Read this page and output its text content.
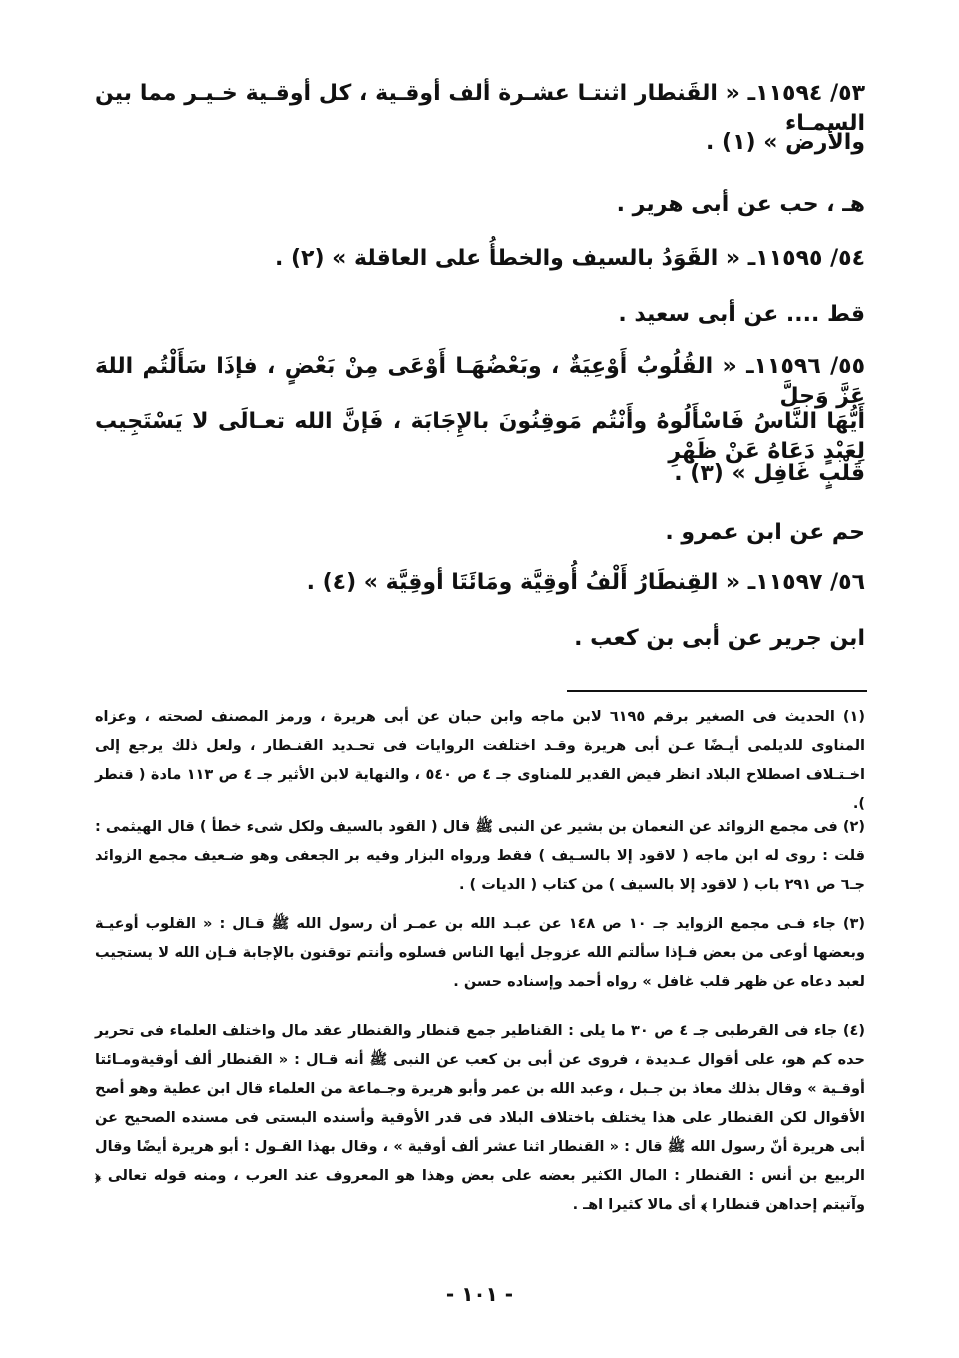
٥٣/ ١١٥٩٤ـ « القَنطار اثنتـا عشـرة ألف أوقـية ، كل أوقـية خـيـر مما بين السمـاء
والأرض » (١) .
هـ ، حب عن أبى هرير .
٥٤/ ١١٥٩٥ـ « القَوَدُ بالسيف والخطأُ على العاقلة » (٢) .
قط .... عن أبى سعيد .
٥٥/ ١١٥٩٦ـ « القُلُوبُ أَوْعِيَةٌ ، وبَعْضُهَـا أَوْعَى مِنْ بَعْضٍ ، فإذَا سَأَلْتُم اللهَ عَزَّ وَجلَّ
أَيُّهَا النَّاسُ فَاسْأَلُوهُ وأَنْتُم مَوقِنُونَ بالإِجَابَة ، فَإنَّ الله تعـالَى لا يَسْتَجِيب لِعَبْدٍ دَعَاهُ عَنْ ظَهْرِ
قَلْبٍ غَافِل » (٣) .
حم عن ابن عمرو .
٥٦/ ١١٥٩٧ـ « القِنطَارُ أَلْفُ أُوقِيَّة ومَائَتَا أوقِيَّة » (٤) .
ابن جرير عن أبى بن كعب .
(١) الحديث فى الصغير برقم ٦١٩٥ لابن ماجه وابن حبان عن أبى هريرة ، ورمز المصنف لصحته ، وعزاه المناوى للديلمى أيـضًا عـن أبى هريرة وقـد اختلفت الروايات فى تحـديد القنـطار ، ولعل ذلك يرجع إلى اخـتـلاف اصطلاح البلاد انظر فيض القدير للمناوى جـ ٤ ص ٥٤٠ ، والنهاية لابن الأثير جـ ٤ ص ١١٣ مادة ( قنطر ).
(٢) فى مجمع الزوائد عن النعمان بن بشير عن النبى ﷺ قال ( القود بالسيف ولكل شىء خطأ ) قال الهيثمى : قلت : روى له ابن ماجه ( لاقود إلا بالسـيف ) فقط ورواه البزار وفيه بر الجعفى وهو ضـعيف مجمع الزوائد جـ٦ ص ٢٩١ باب ( لاقود إلا بالسيف ) من كتاب ( الديات ) .
(٣) جاء فـى مجمع الزوايد جـ ١٠ ص ١٤٨ عن عبـد الله بن عمـر أن رسول الله ﷺ قـال : « القلوب أوعيـة وبعضها أوعى من بعض فـإذا سألتم الله عزوجل أيها الناس فسلوه وأنتم توقنون بالإجابة فـإن الله لا يستجيب لعبد دعاه عن ظهر قلب غافل » رواه أحمد وإسناده حسن .
(٤) جاء فى القرطبى جـ ٤ ص ٣٠ ما يلى : القناطير جمع قنطار والقنطار عقد مال واختلف العلماء فى تحرير حده كم هو، على أقوال عـديدة ، فروى عن أبى بن كعب عن النبى ﷺ أنه قـال : « القنطار ألف أوقيةومـائتا أوقـية » وقال بذلك معاذ بن جـبل ، وعبد الله بن عمر وأبو هريرة وجـماعة من العلماء قال ابن عطية وهو أصح الأقوال لكن القنطار على هذا يختلف باختلاف البلاد فى قدر الأوقية وأسنده البستى فى مسنده الصحيح عن أبى هريرة أنّ رسول الله ﷺ قال : « القنطار اثنا عشر ألف أوقية » ، وقال بهذا القـول : أبو هريرة أيضًا وقال الربيع بن أنس : القنطار : المال الكثير بعضه على بعض وهذا هو المعروف عند العرب ، ومنه قوله تعالى ﴿ وآتيتم إحداهن قنطارا ﴾ أى مالا كثيرا اهـ .
- ١٠١ -
